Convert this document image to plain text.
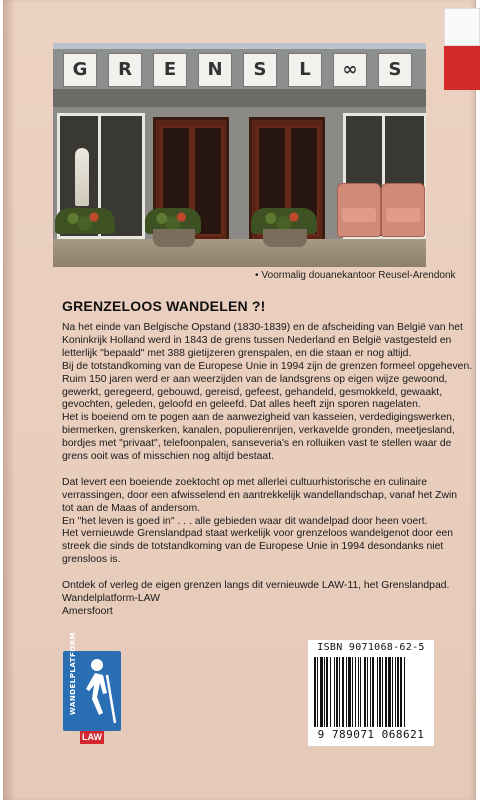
G	R	E	N	S	L	∞	S
• Voormalig douanekantoor Reusel-Arendonk
GRENZELOOS WANDELEN ?!

Na het einde van Belgische Opstand (1830-1839) en de afscheiding van België van het
Koninkrijk Holland werd in 1843 de grens tussen Nederland en België vastgesteld en
letterlijk "bepaald" met 388 gietijzeren grenspalen, en die staan er nog altijd.
Bij de totstandkoming van de Europese Unie in 1994 zijn de grenzen formeel opgeheven.
Ruim 150 jaren werd er aan weerzijden van de landsgrens op eigen wijze gewoond,
gewerkt, geregeerd, gebouwd, gereisd, gefeest, gehandeld, gesmokkeld, gewaakt,
gevochten, geleden, geloofd en geleefd. Dat alles heeft zijn sporen nagelaten.
Het is boeiend om te pogen aan de aanwezigheid van kasseien, verdedigingswerken,
biermerken, grenskerken, kanalen, populierenrijen, verkavelde gronden, meetjesland,
bordjes met "privaat", telefoonpalen, sanseveria's en rolluiken vast te stellen waar de
grens ooit was of misschien nog altijd bestaat.

Dat levert een boeiende zoektocht op met allerlei cultuurhistorische en culinaire
verrassingen, door een afwisselend en aantrekkelijk wandellandschap, vanaf het Zwin
tot aan de Maas of andersom.
En "het leven is goed in" . . . alle gebieden waar dit wandelpad door heen voert.
Het vernieuwde Grenslandpad staat werkelijk voor grenzeloos wandelgenot door een
streek die sinds de totstandkoming van de Europese Unie in 1994 desondanks niet
grensloos is.

Ontdek of verleg de eigen grenzen langs dit vernieuwde LAW-11, het Grenslandpad.

Wandelplatform-LAW
Amersfoort
WANDELPLATFORM
LAW
ISBN 9071068-62-5
9 789071 068621
